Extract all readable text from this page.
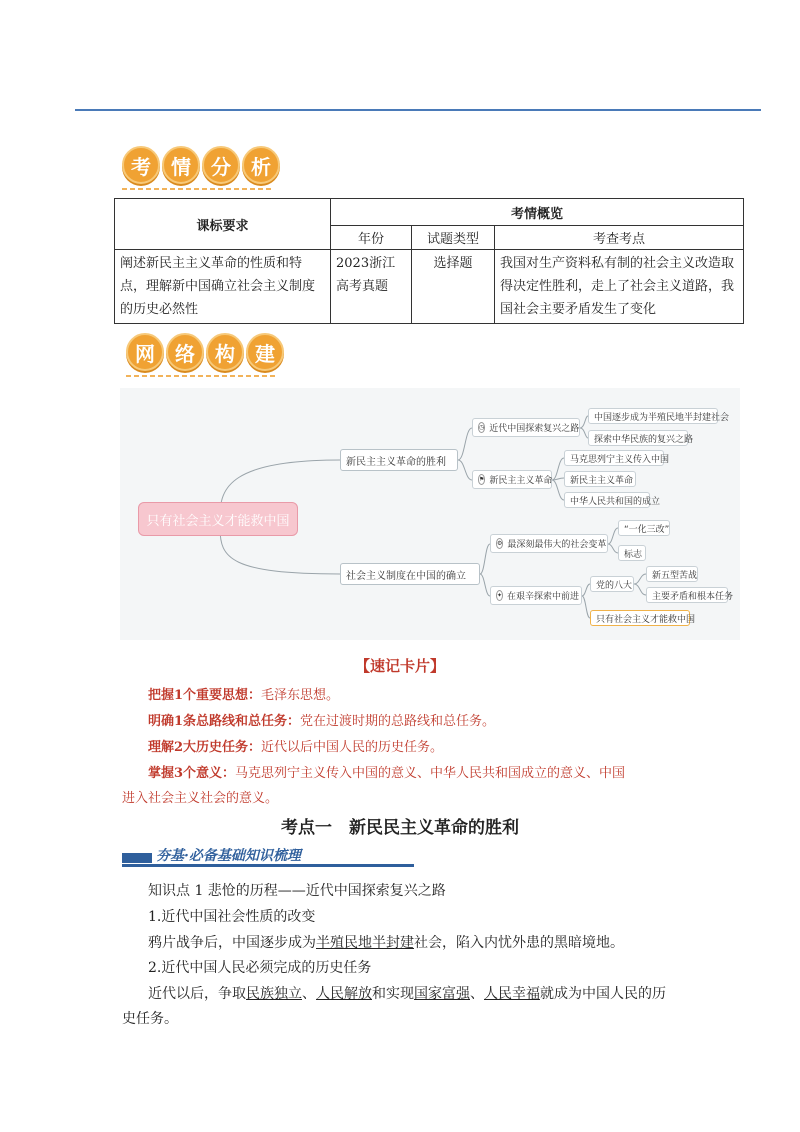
考	情	分	析
课标要求	考情概览		
	年份	试题类型	考查考点
阐述新民主主义革命的性质和特点，理解新中国确立社会主义制度的历史必然性	2023浙江高考真题	选择题	我国对生产资料私有制的社会主义改造取得决定性胜利，走上了社会主义道路，我国社会主要矛盾发生了变化
网	络	构	建
只有社会主义才能救中国
新民主主义革命的胜利
社会主义制度在中国的确立
◷ 近代中国探索复兴之路
中国逐步成为半殖民地半封建社会
探索中华民族的复兴之路
⚑ 新民主主义革命
马克思列宁主义传入中国
新民主主义革命
中华人民共和国的成立
⚙ 最深刻最伟大的社会变革
“一化三改”
标志
✦ 在艰辛探索中前进
党的八大
新五型苦战
主要矛盾和根本任务
只有社会主义才能救中国
【速记卡片】
把握1个重要思想：毛泽东思想。
明确1条总路线和总任务：党在过渡时期的总路线和总任务。
理解2大历史任务：近代以后中国人民的历史任务。
掌握3个意义：马克思列宁主义传入中国的意义、中华人民共和国成立的意义、中国
进入社会主义社会的意义。
考点一　新民民主义革命的胜利
夯基·必备基础知识梳理
知识点 1 悲怆的历程——近代中国探索复兴之路
1.近代中国社会性质的改变
鸦片战争后，中国逐步成为半殖民地半封建社会，陷入内忧外患的黑暗境地。
2.近代中国人民必须完成的历史任务
近代以后，争取民族独立、人民解放和实现国家富强、人民幸福就成为中国人民的历
史任务。
